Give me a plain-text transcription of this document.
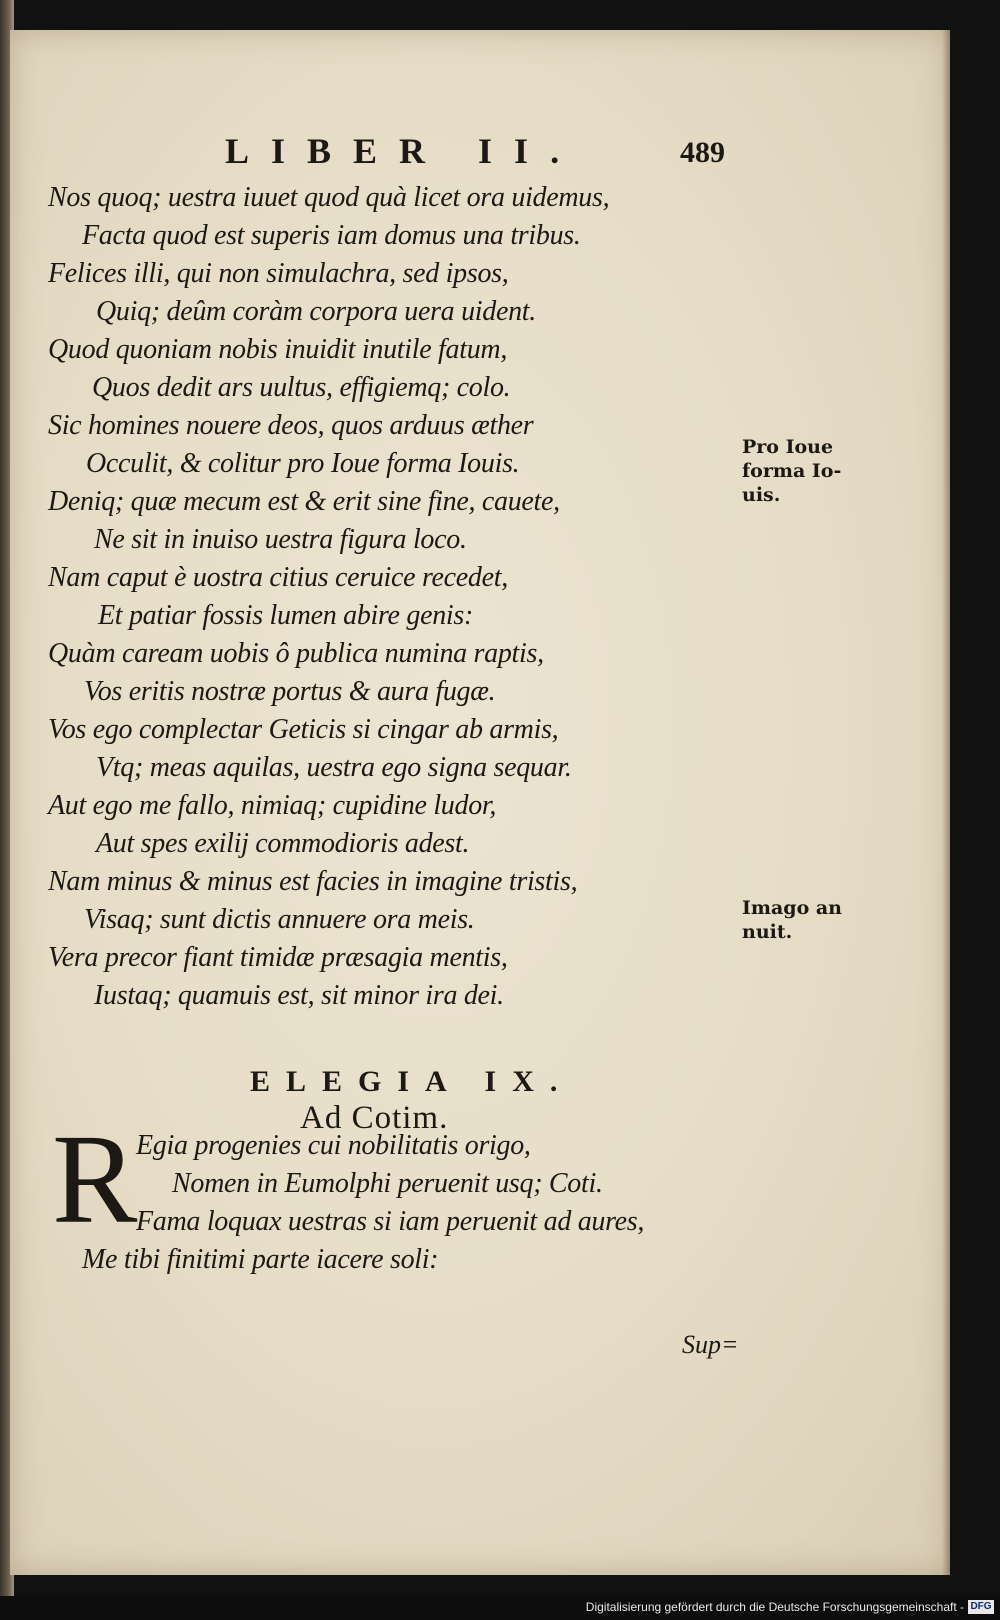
LIBER II.	489
Nos quoq; uestra iuuet quod quà licet ora uidemus,
Facta quod est superis iam domus una tribus.
Felices illi, qui non simulachra, sed ipsos,
Quiq; deûm coràm corpora uera uident.
Quod quoniam nobis inuidit inutile fatum,
Quos dedit ars uultus, effigiemq; colo.
Sic homines nouere deos, quos arduus æther
Occulit, & colitur pro Ioue forma Iouis.
Deniq; quæ mecum est & erit sine fine, cauete,
Ne sit in inuiso uestra figura loco.
Nam caput è uostra citius ceruice recedet,
Et patiar fossis lumen abire genis:
Quàm caream uobis ô publica numina raptis,
Vos eritis nostræ portus & aura fugæ.
Vos ego complectar Geticis si cingar ab armis,
Vtq; meas aquilas, uestra ego signa sequar.
Aut ego me fallo, nimiaq; cupidine ludor,
Aut spes exilij commodioris adest.
Nam minus & minus est facies in imagine tristis,
Visaq; sunt dictis annuere ora meis.
Vera precor fiant timidæ præsagia mentis,
Iustaq; quamuis est, sit minor ira dei.
Pro Ioue forma Io-uis.
Imago an nuit.
ELEGIA IX.
Ad Cotim.
R
Egia progenies cui nobilitatis origo,
Nomen in Eumolphi peruenit usq; Coti.
Fama loquax uestras si iam peruenit ad aures,
Me tibi finitimi parte iacere soli:
Sup=
Digitalisierung gefördert durch die Deutsche Forschungsgemeinschaft - DFG
